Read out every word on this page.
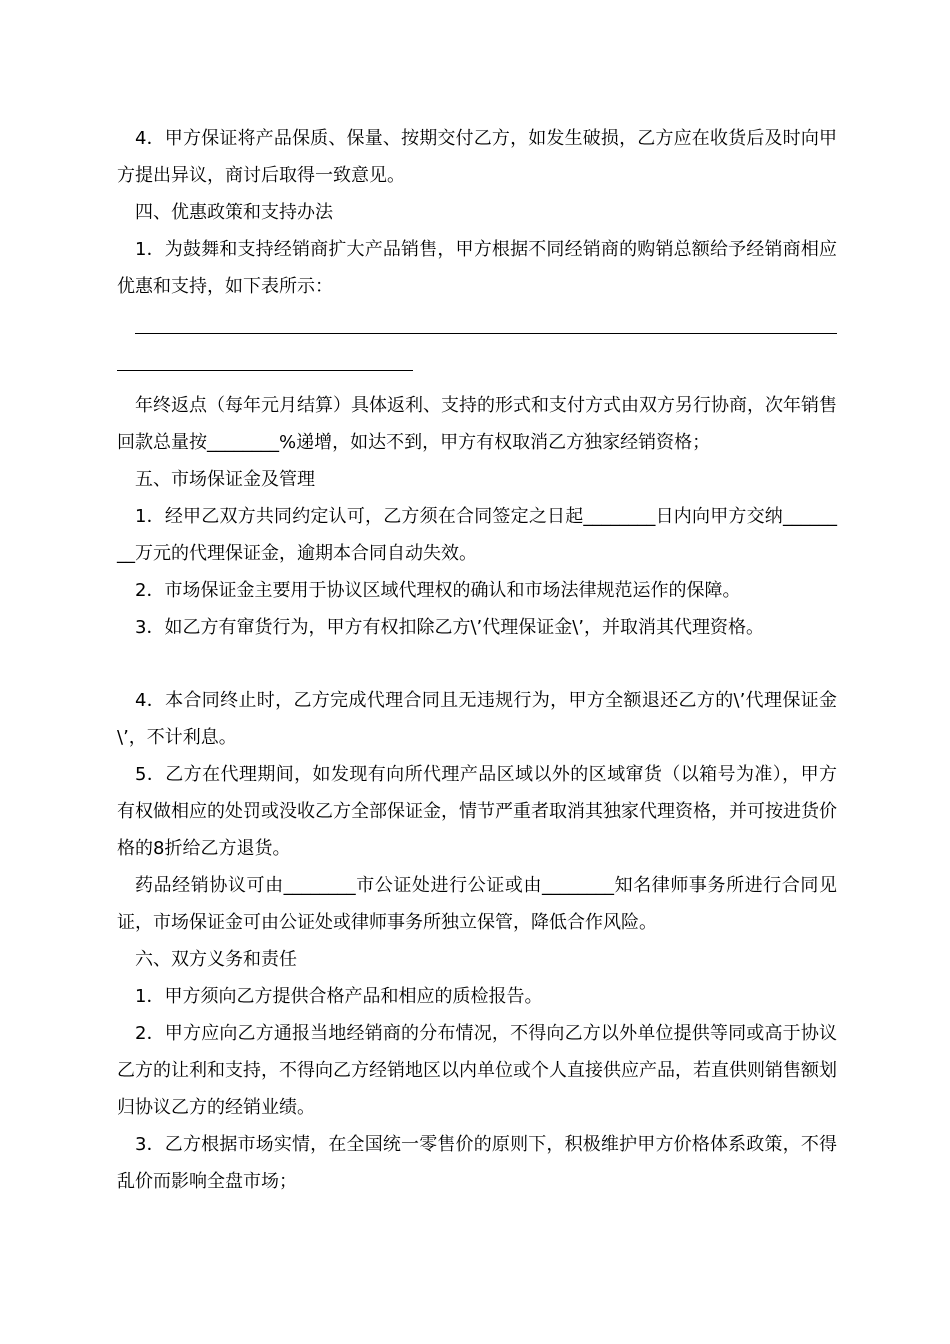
4．甲方保证将产品保质、保量、按期交付乙方，如发生破损，乙方应在收货后及时向甲方提出异议，商讨后取得一致意见。

四、优惠政策和支持办法

1．为鼓舞和支持经销商扩大产品销售，甲方根据不同经销商的购销总额给予经销商相应优惠和支持，如下表所示：

年终返点（每年元月结算）具体返利、支持的形式和支付方式由双方另行协商，次年销售回款总量按________%递增，如达不到，甲方有权取消乙方独家经销资格；

五、市场保证金及管理

1．经甲乙双方共同约定认可，乙方须在合同签定之日起________日内向甲方交纳________万元的代理保证金，逾期本合同自动失效。

2．市场保证金主要用于协议区域代理权的确认和市场法律规范运作的保障。

3．如乙方有窜货行为，甲方有权扣除乙方\’代理保证金\’，并取消其代理资格。

4．本合同终止时，乙方完成代理合同且无违规行为，甲方全额退还乙方的\’代理保证金\’，不计利息。

5．乙方在代理期间，如发现有向所代理产品区域以外的区域窜货（以箱号为准），甲方有权做相应的处罚或没收乙方全部保证金，情节严重者取消其独家代理资格，并可按进货价格的8折给乙方退货。

药品经销协议可由________市公证处进行公证或由________知名律师事务所进行合同见证，市场保证金可由公证处或律师事务所独立保管，降低合作风险。

六、双方义务和责任

1．甲方须向乙方提供合格产品和相应的质检报告。

2．甲方应向乙方通报当地经销商的分布情况，不得向乙方以外单位提供等同或高于协议乙方的让利和支持，不得向乙方经销地区以内单位或个人直接供应产品，若直供则销售额划归协议乙方的经销业绩。

3．乙方根据市场实情，在全国统一零售价的原则下，积极维护甲方价格体系政策，不得乱价而影响全盘市场；
